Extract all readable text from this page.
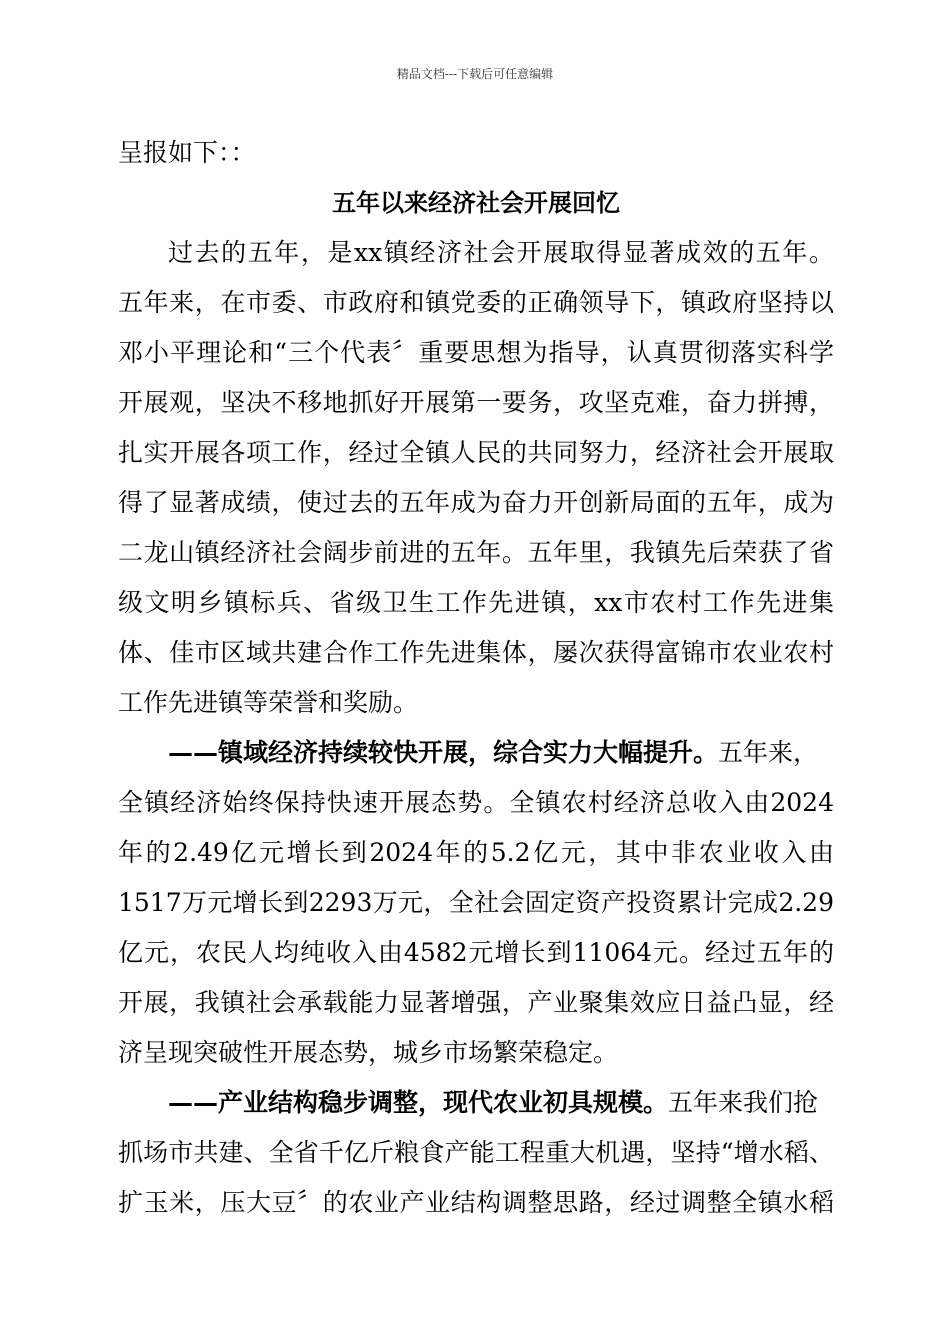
精品文档---下载后可任意编辑
呈报如下：：
五年以来经济社会开展回忆
过去的五年，是xx镇经济社会开展取得显著成效的五年。
五年来，在市委、市政府和镇党委的正确领导下，镇政府坚持以
邓小平理论和“三个代表〞重要思想为指导，认真贯彻落实科学
开展观，坚决不移地抓好开展第一要务，攻坚克难，奋力拼搏，
扎实开展各项工作，经过全镇人民的共同努力，经济社会开展取
得了显著成绩，使过去的五年成为奋力开创新局面的五年，成为
二龙山镇经济社会阔步前进的五年。五年里，我镇先后荣获了省
级文明乡镇标兵、省级卫生工作先进镇，xx市农村工作先进集
体、佳市区域共建合作工作先进集体，屡次获得富锦市农业农村
工作先进镇等荣誉和奖励。
——镇域经济持续较快开展，综合实力大幅提升。五年来，
全镇经济始终保持快速开展态势。全镇农村经济总收入由2024
年的2.49亿元增长到2024年的5.2亿元，其中非农业收入由
1517万元增长到2293万元，全社会固定资产投资累计完成2.29
亿元，农民人均纯收入由4582元增长到11064元。经过五年的
开展，我镇社会承载能力显著增强，产业聚集效应日益凸显，经
济呈现突破性开展态势，城乡市场繁荣稳定。
——产业结构稳步调整，现代农业初具规模。五年来我们抢
抓场市共建、全省千亿斤粮食产能工程重大机遇，坚持“增水稻、
扩玉米，压大豆〞的农业产业结构调整思路，经过调整全镇水稻
